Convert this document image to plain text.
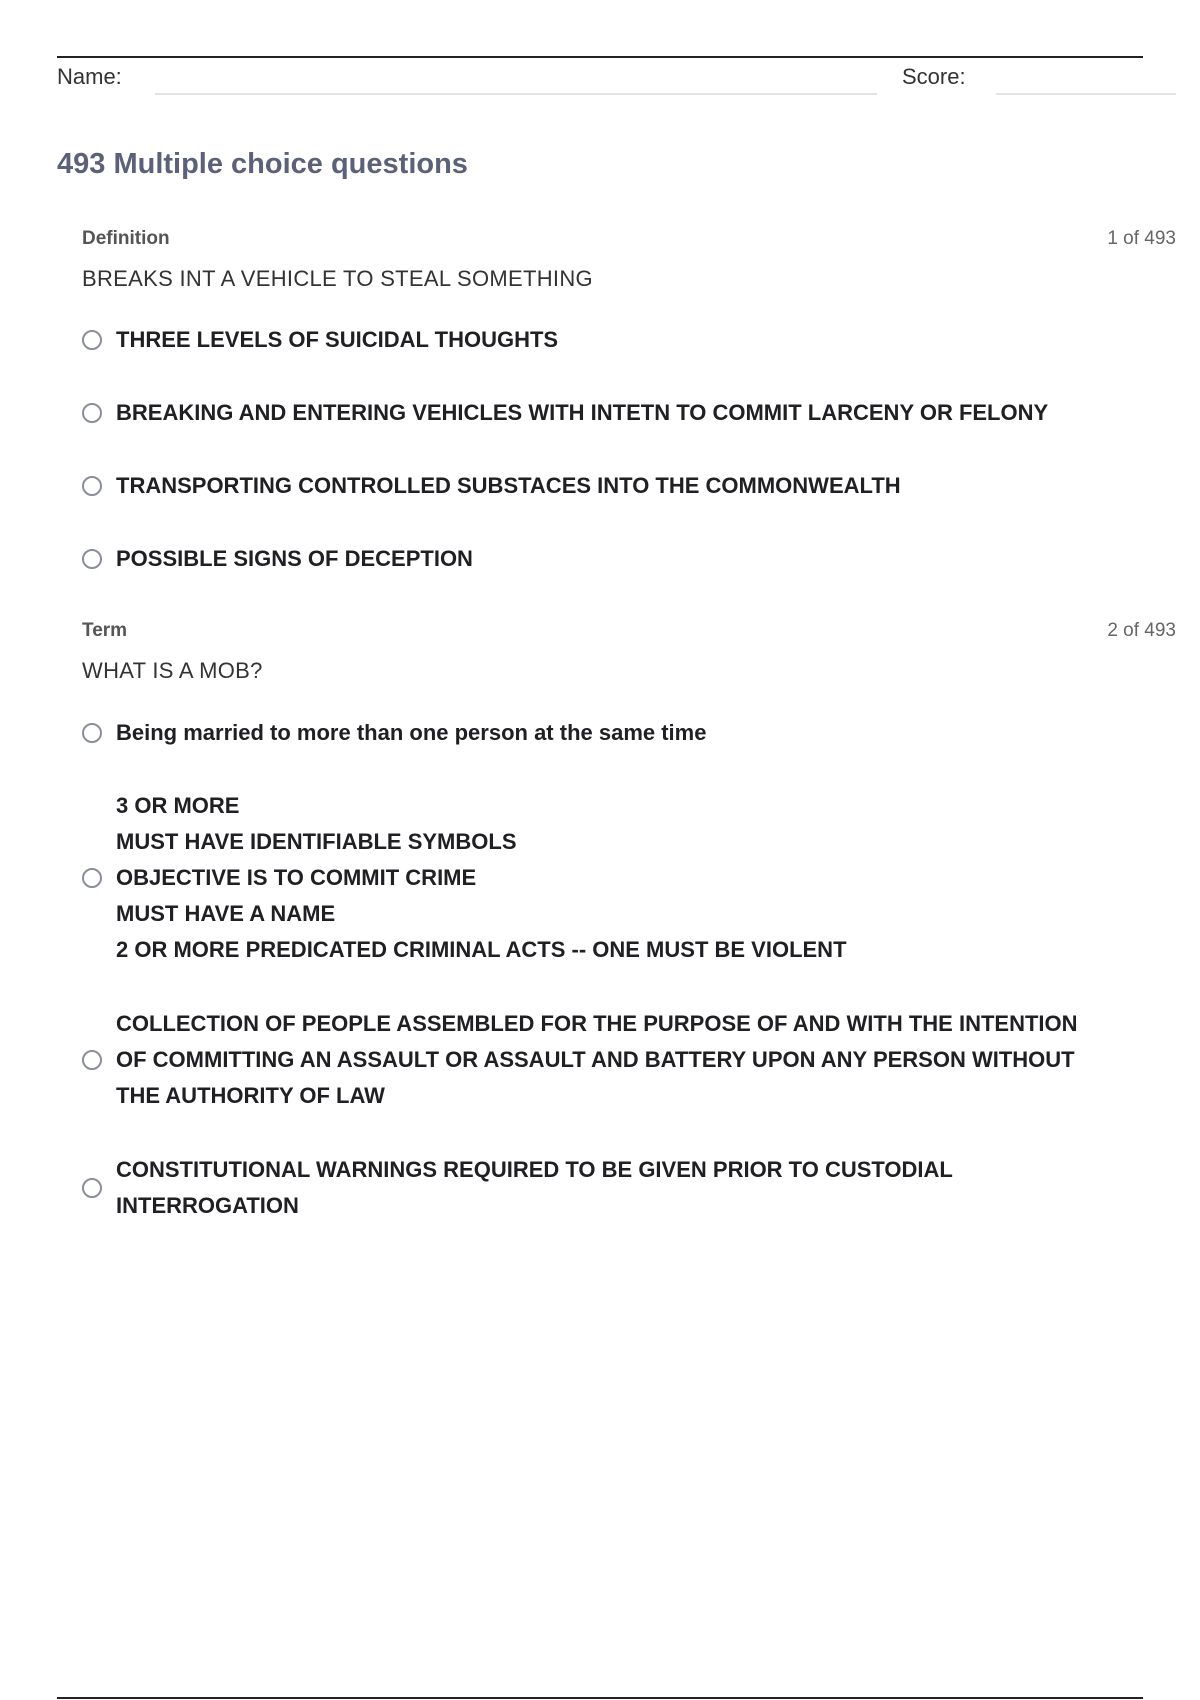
Name:	Score:
493 Multiple choice questions
Definition	1 of 493
BREAKS INT A VEHICLE TO STEAL SOMETHING
THREE LEVELS OF SUICIDAL THOUGHTS
BREAKING AND ENTERING VEHICLES WITH INTETN TO COMMIT LARCENY OR FELONY
TRANSPORTING CONTROLLED SUBSTACES INTO THE COMMONWEALTH
POSSIBLE SIGNS OF DECEPTION
Term	2 of 493
WHAT IS A MOB?
Being married to more than one person at the same time
3 OR MORE
MUST HAVE IDENTIFIABLE SYMBOLS
OBJECTIVE IS TO COMMIT CRIME
MUST HAVE A NAME
2 OR MORE PREDICATED CRIMINAL ACTS -- ONE MUST BE VIOLENT
COLLECTION OF PEOPLE ASSEMBLED FOR THE PURPOSE OF AND WITH THE INTENTION
OF COMMITTING AN ASSAULT OR ASSAULT AND BATTERY UPON ANY PERSON WITHOUT
THE AUTHORITY OF LAW
CONSTITUTIONAL WARNINGS REQUIRED TO BE GIVEN PRIOR TO CUSTODIAL
INTERROGATION
